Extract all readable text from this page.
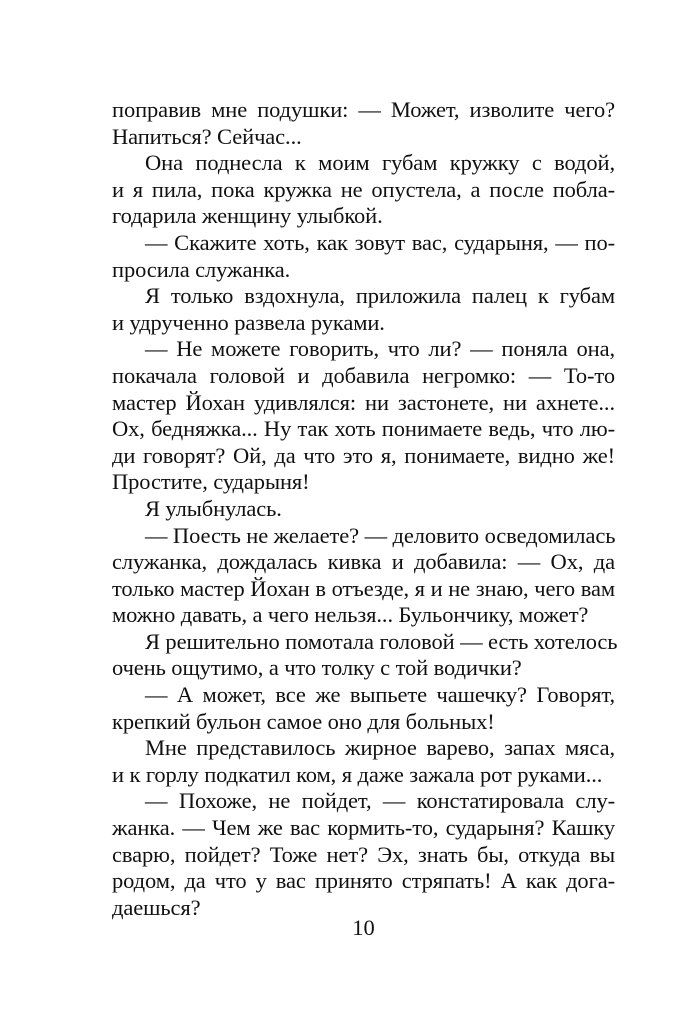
поправив мне подушки: — Может, изволите чего?
Напиться? Сейчас...
Она поднесла к моим губам кружку с водой,
и я пила, пока кружка не опустела, а после побла-
годарила женщину улыбкой.
— Скажите хоть, как зовут вас, сударыня, — по-
просила служанка.
Я только вздохнула, приложила палец к губам
и удрученно развела руками.
— Не можете говорить, что ли? — поняла она,
покачала головой и добавила негромко: — То-то
мастер Йохан удивлялся: ни застонете, ни ахнете...
Ох, бедняжка... Ну так хоть понимаете ведь, что лю-
ди говорят? Ой, да что это я, понимаете, видно же!
Простите, сударыня!
Я улыбнулась.
— Поесть не желаете? — деловито осведомилась
служанка, дождалась кивка и добавила: — Ох, да
только мастер Йохан в отъезде, я и не знаю, чего вам
можно давать, а чего нельзя... Бульончику, может?
Я решительно помотала головой — есть хотелось
очень ощутимо, а что толку с той водички?
— А может, все же выпьете чашечку? Говорят,
крепкий бульон самое оно для больных!
Мне представилось жирное варево, запах мяса,
и к горлу подкатил ком, я даже зажала рот руками...
— Похоже, не пойдет, — констатировала слу-
жанка. — Чем же вас кормить-то, сударыня? Кашку
сварю, пойдет? Тоже нет? Эх, знать бы, откуда вы
родом, да что у вас принято стряпать! А как дога-
даешься?
10
